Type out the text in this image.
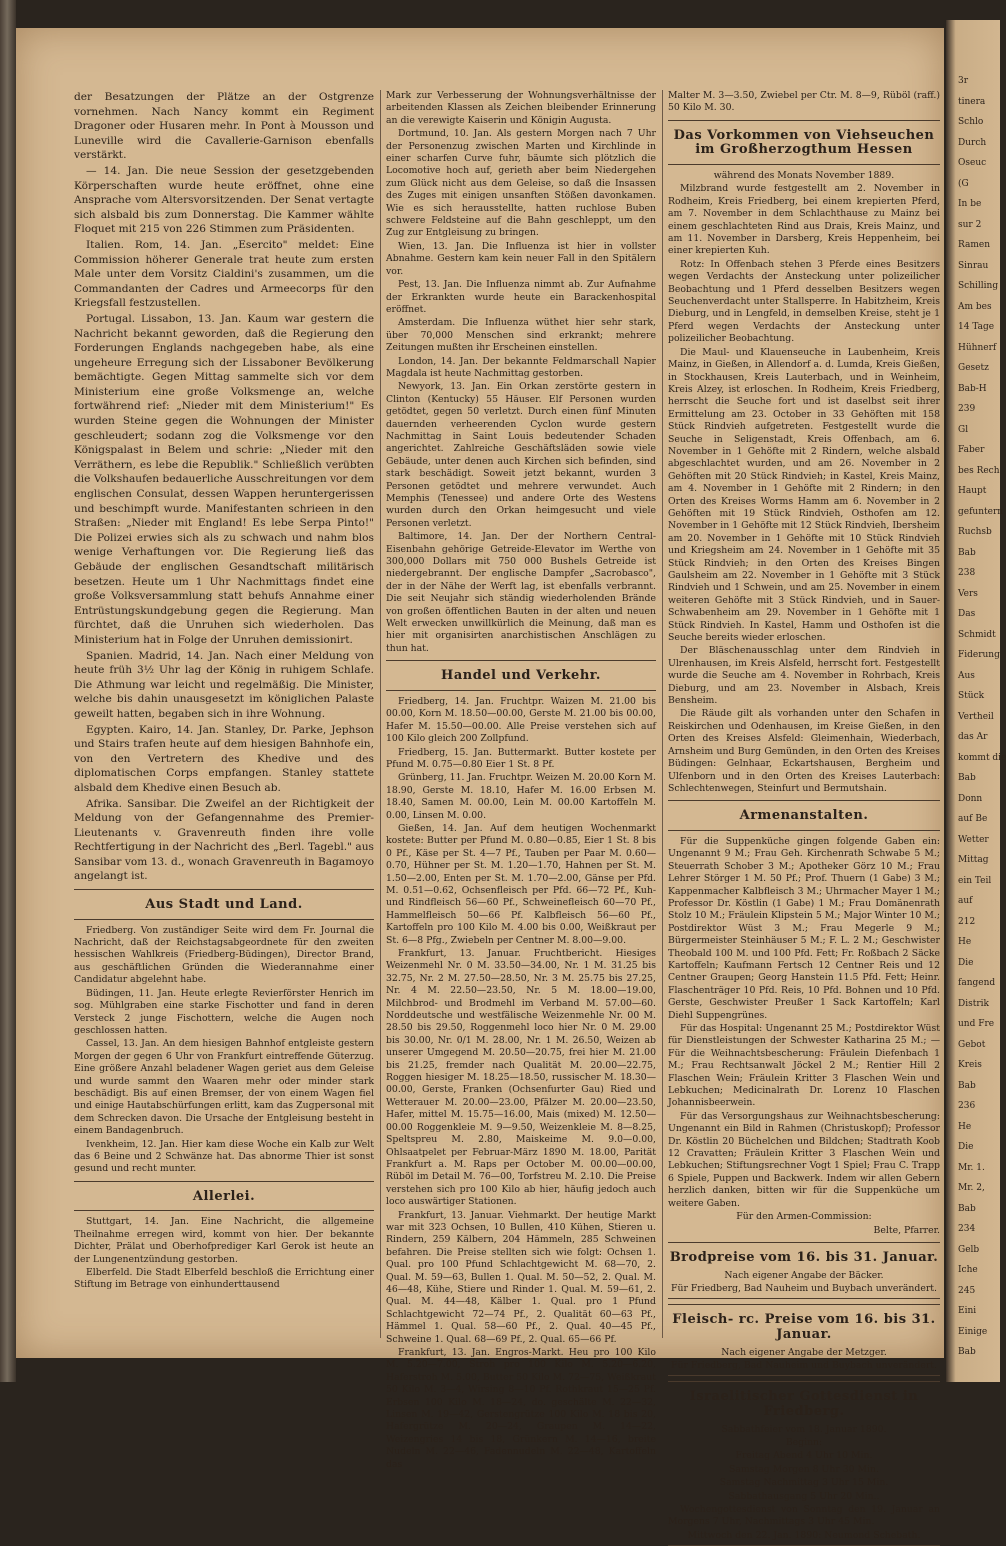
der Besatzungen der Plätze an der Ostgrenze vornehmen. Nach Nancy kommt ein Regiment Dragoner oder Husaren mehr. In Pont à Mousson und Luneville wird die Cavallerie-Garnison ebenfalls verstärkt.

— 14. Jan. Die neue Session der gesetzgebenden Körperschaften wurde heute eröffnet, ohne eine Ansprache vom Altersvorsitzenden. Der Senat vertagte sich alsbald bis zum Donnerstag. Die Kammer wählte Floquet mit 215 von 226 Stimmen zum Präsidenten.

Italien. Rom, 14. Jan. „Esercito" meldet: Eine Commission höherer Generale trat heute zum ersten Male unter dem Vorsitz Cialdini's zusammen, um die Commandanten der Cadres und Armeecorps für den Kriegsfall festzustellen.

Portugal. Lissabon, 13. Jan. Kaum war gestern die Nachricht bekannt geworden, daß die Regierung den Forderungen Englands nachgegeben habe, als eine ungeheure Erregung sich der Lissaboner Bevölkerung bemächtigte. Gegen Mittag sammelte sich vor dem Ministerium eine große Volksmenge an, welche fortwährend rief: „Nieder mit dem Ministerium!" Es wurden Steine gegen die Wohnungen der Minister geschleudert; sodann zog die Volksmenge vor den Königspalast in Belem und schrie: „Nieder mit den Verräthern, es lebe die Republik." Schließlich verübten die Volkshaufen bedauerliche Ausschreitungen vor dem englischen Consulat, dessen Wappen heruntergerissen und beschimpft wurde. Manifestanten schrieen in den Straßen: „Nieder mit England! Es lebe Serpa Pinto!" Die Polizei erwies sich als zu schwach und nahm blos wenige Verhaftungen vor. Die Regierung ließ das Gebäude der englischen Gesandtschaft militärisch besetzen. Heute um 1 Uhr Nachmittags findet eine große Volksversammlung statt behufs Annahme einer Entrüstungskundgebung gegen die Regierung. Man fürchtet, daß die Unruhen sich wiederholen. Das Ministerium hat in Folge der Unruhen demissionirt.

Spanien. Madrid, 14. Jan. Nach einer Meldung von heute früh 3½ Uhr lag der König in ruhigem Schlafe. Die Athmung war leicht und regelmäßig. Die Minister, welche bis dahin unausgesetzt im königlichen Palaste geweilt hatten, begaben sich in ihre Wohnung.

Egypten. Kairo, 14. Jan. Stanley, Dr. Parke, Jephson und Stairs trafen heute auf dem hiesigen Bahnhofe ein, von den Vertretern des Khedive und des diplomatischen Corps empfangen. Stanley stattete alsbald dem Khedive einen Besuch ab.

Afrika. Sansibar. Die Zweifel an der Richtigkeit der Meldung von der Gefangennahme des Premier-Lieutenants v. Gravenreuth finden ihre volle Rechtfertigung in der Nachricht des „Berl. Tagebl." aus Sansibar vom 13. d., wonach Gravenreuth in Bagamoyo angelangt ist.

Aus Stadt und Land.

Friedberg. Von zuständiger Seite wird dem Fr. Journal die Nachricht, daß der Reichstagsabgeordnete für den zweiten hessischen Wahlkreis (Friedberg-Büdingen), Director Brand, aus geschäftlichen Gründen die Wiederannahme einer Candidatur abgelehnt habe.

Büdingen, 11. Jan. Heute erlegte Revierförster Henrich im sog. Mühlgraben eine starke Fischotter und fand in deren Versteck 2 junge Fischottern, welche die Augen noch geschlossen hatten.

Cassel, 13. Jan. An dem hiesigen Bahnhof entgleiste gestern Morgen der gegen 6 Uhr von Frankfurt eintreffende Güterzug. Eine größere Anzahl beladener Wagen geriet aus dem Geleise und wurde sammt den Waaren mehr oder minder stark beschädigt. Bis auf einen Bremser, der von einem Wagen fiel und einige Hautabschürfungen erlitt, kam das Zugpersonal mit dem Schrecken davon. Die Ursache der Entgleisung besteht in einem Bandagenbruch.

Ivenkheim, 12. Jan. Hier kam diese Woche ein Kalb zur Welt das 6 Beine und 2 Schwänze hat. Das abnorme Thier ist sonst gesund und recht munter.

Allerlei.

Stuttgart, 14. Jan. Eine Nachricht, die allgemeine Theilnahme erregen wird, kommt von hier. Der bekannte Dichter, Prälat und Oberhofprediger Karl Gerok ist heute an der Lungenentzündung gestorben.

Elberfeld. Die Stadt Elberfeld beschloß die Errichtung einer Stiftung im Betrage von einhunderttausend

Mark zur Verbesserung der Wohnungsverhältnisse der arbeitenden Klassen als Zeichen bleibender Erinnerung an die verewigte Kaiserin und Königin Augusta.

Dortmund, 10. Jan. Als gestern Morgen nach 7 Uhr der Personenzug zwischen Marten und Kirchlinde in einer scharfen Curve fuhr, bäumte sich plötzlich die Locomotive hoch auf, gerieth aber beim Niedergehen zum Glück nicht aus dem Geleise, so daß die Insassen des Zuges mit einigen unsanften Stößen davonkamen. Wie es sich herausstellte, hatten ruchlose Buben schwere Feldsteine auf die Bahn geschleppt, um den Zug zur Entgleisung zu bringen.

Wien, 13. Jan. Die Influenza ist hier in vollster Abnahme. Gestern kam kein neuer Fall in den Spitälern vor.

Pest, 13. Jan. Die Influenza nimmt ab. Zur Aufnahme der Erkrankten wurde heute ein Barackenhospital eröffnet.

Amsterdam. Die Influenza wüthet hier sehr stark, über 70,000 Menschen sind erkrankt; mehrere Zeitungen mußten ihr Erscheinen einstellen.

London, 14. Jan. Der bekannte Feldmarschall Napier Magdala ist heute Nachmittag gestorben.

Newyork, 13. Jan. Ein Orkan zerstörte gestern in Clinton (Kentucky) 55 Häuser. Elf Personen wurden getödtet, gegen 50 verletzt. Durch einen fünf Minuten dauernden verheerenden Cyclon wurde gestern Nachmittag in Saint Louis bedeutender Schaden angerichtet. Zahlreiche Geschäftsläden sowie viele Gebäude, unter denen auch Kirchen sich befinden, sind stark beschädigt. Soweit jetzt bekannt, wurden 3 Personen getödtet und mehrere verwundet. Auch Memphis (Tenessee) und andere Orte des Westens wurden durch den Orkan heimgesucht und viele Personen verletzt.

Baltimore, 14. Jan. Der der Northern Central-Eisenbahn gehörige Getreide-Elevator im Werthe von 300,000 Dollars mit 750 000 Bushels Getreide ist niedergebrannt. Der englische Dampfer „Sacrobasco", der in der Nähe der Werft lag, ist ebenfalls verbrannt. Die seit Neujahr sich ständig wiederholenden Brände von großen öffentlichen Bauten in der alten und neuen Welt erwecken unwillkürlich die Meinung, daß man es hier mit organisirten anarchistischen Anschlägen zu thun hat.

Handel und Verkehr.

Friedberg, 14. Jan. Fruchtpr. Waizen M. 21.00 bis 00.00, Korn M. 18.50—00.00, Gerste M. 21.00 bis 00.00, Hafer M. 15.50—00.00. Alle Preise verstehen sich auf 100 Kilo gleich 200 Zollpfund.

Friedberg, 15. Jan. Buttermarkt. Butter kostete per Pfund M. 0.75—0.80 Eier 1 St. 8 Pf.

Grünberg, 11. Jan. Fruchtpr. Weizen M. 20.00 Korn M. 18.90, Gerste M. 18.10, Hafer M. 16.00 Erbsen M. 18.40, Samen M. 00.00, Lein M. 00.00 Kartoffeln M. 0.00, Linsen M. 0.00.

Gießen, 14. Jan. Auf dem heutigen Wochenmarkt kostete: Butter per Pfund M. 0.80—0.85, Eier 1 St. 8 bis 0 Pf., Käse per St. 4—7 Pf., Tauben per Paar M. 0.60—0.70, Hühner per St. M. 1.20—1.70, Hahnen per St. M. 1.50—2.00, Enten per St. M. 1.70—2.00, Gänse per Pfd. M. 0.51—0.62, Ochsenfleisch per Pfd. 66—72 Pf., Kuh- und Rindfleisch 56—60 Pf., Schweinefleisch 60—70 Pf., Hammelfleisch 50—66 Pf. Kalbfleisch 56—60 Pf., Kartoffeln pro 100 Kilo M. 4.00 bis 0.00, Weißkraut per St. 6—8 Pfg., Zwiebeln per Centner M. 8.00—9.00.

Frankfurt, 13. Januar. Fruchtbericht. Hiesiges Weizenmehl Nr. 0 M. 33.50—34.00, Nr. 1 M. 31.25 bis 32.75, Nr. 2 M. 27.50—28.50, Nr. 3 M. 25.75 bis 27.25, Nr. 4 M. 22.50—23.50, Nr. 5 M. 18.00—19.00, Milchbrod- und Brodmehl im Verband M. 57.00—60. Norddeutsche und westfälische Weizenmehle Nr. 00 M. 28.50 bis 29.50, Roggenmehl loco hier Nr. 0 M. 29.00 bis 30.00, Nr. 0/1 M. 28.00, Nr. 1 M. 26.50, Weizen ab unserer Umgegend M. 20.50—20.75, frei hier M. 21.00 bis 21.25, fremder nach Qualität M. 20.00—22.75, Roggen hiesiger M. 18.25—18.50, russischer M. 18.30—00.00, Gerste, Franken (Ochsenfurter Gau) Ried und Wetterauer M. 20.00—23.00, Pfälzer M. 20.00—23.50, Hafer, mittel M. 15.75—16.00, Mais (mixed) M. 12.50—00.00 Roggenkleie M. 9—9.50, Weizenkleie M. 8—8.25, Speltspreu M. 2.80, Maiskeime M. 9.0—0.00, Ohlsaatpelet per Februar-März 1890 M. 18.00, Parität Frankfurt a. M. Raps per October M. 00.00—00.00, Rüböl im Detail M. 76—00, Torfstreu M. 2.10. Die Preise verstehen sich pro 100 Kilo ab hier, häufig jedoch auch loco auswärtiger Stationen.

Frankfurt, 13. Januar. Viehmarkt. Der heutige Markt war mit 323 Ochsen, 10 Bullen, 410 Kühen, Stieren u. Rindern, 259 Kälbern, 204 Hämmeln, 285 Schweinen befahren. Die Preise stellten sich wie folgt: Ochsen 1. Qual. pro 100 Pfund Schlachtgewicht M. 68—70, 2. Qual. M. 59—63, Bullen 1. Qual. M. 50—52, 2. Qual. M. 46—48, Kühe, Stiere und Rinder 1. Qual. M. 59—61, 2. Qual. M. 44—48, Kälber 1. Qual. pro 1 Pfund Schlachtgewicht 72—74 Pf., 2. Qualität 60—63 Pf., Hämmel 1. Qual. 58—60 Pf., 2. Qual. 40—45 Pf., Schweine 1. Qual. 68—69 Pf., 2. Qual. 65—66 Pf.

Frankfurt, 13. Jan. Engros-Markt. Heu pro 100 Kilo M. 5.20—7.00, Stroh pro 100 Kilo M. 5.20—6.20, Haferstroh M. 5.00, Butter 50 Kilo M. 72—75, Weißkraut 50 Kilo M. 3—4, Wirsing 8—10 Pf. Rothkraut 15—25 Pf. Erbsen 100 Kilo M. 18—24, do. geschälte M. 22—32, Linsen M. 19—42, Gerstengrütze 100 Kilo M. 18 bis 20, Hafergrütze M. 20—24, Graupen M. 14—22, Weizengries 14 bis 18, Grünkern M. 14—16, breite Nudeln M. 22—46, Fadennudeln M. 22—48, Kartoffeln das

Malter M. 3—3.50, Zwiebel per Ctr. M. 8—9, Rüböl (raff.) 50 Kilo M. 30.

Das Vorkommen von Viehseuchen im Großherzogthum Hessen

während des Monats November 1889.

Milzbrand wurde festgestellt am 2. November in Rodheim, Kreis Friedberg, bei einem krepierten Pferd, am 7. November in dem Schlachthause zu Mainz bei einem geschlachteten Rind aus Drais, Kreis Mainz, und am 11. November in Darsberg, Kreis Heppenheim, bei einer krepierten Kuh.

Rotz: In Offenbach stehen 3 Pferde eines Besitzers wegen Verdachts der Ansteckung unter polizeilicher Beobachtung und 1 Pferd desselben Besitzers wegen Seuchenverdacht unter Stallsperre. In Habitzheim, Kreis Dieburg, und in Lengfeld, in demselben Kreise, steht je 1 Pferd wegen Verdachts der Ansteckung unter polizeilicher Beobachtung.

Die Maul- und Klauenseuche in Laubenheim, Kreis Mainz, in Gießen, in Allendorf a. d. Lumda, Kreis Gießen, in Stockhausen, Kreis Lauterbach, und in Weinheim, Kreis Alzey, ist erloschen. In Rodheim, Kreis Friedberg, herrscht die Seuche fort und ist daselbst seit ihrer Ermittelung am 23. October in 33 Gehöften mit 158 Stück Rindvieh aufgetreten. Festgestellt wurde die Seuche in Seligenstadt, Kreis Offenbach, am 6. November in 1 Gehöfte mit 2 Rindern, welche alsbald abgeschlachtet wurden, und am 26. November in 2 Gehöften mit 20 Stück Rindvieh; in Kastel, Kreis Mainz, am 4. November in 1 Gehöfte mit 2 Rindern; in den Orten des Kreises Worms Hamm am 6. November in 2 Gehöften mit 19 Stück Rindvieh, Osthofen am 12. November in 1 Gehöfte mit 12 Stück Rindvieh, Ibersheim am 20. November in 1 Gehöfte mit 10 Stück Rindvieh und Kriegsheim am 24. November in 1 Gehöfte mit 35 Stück Rindvieh; in den Orten des Kreises Bingen Gaulsheim am 22. November in 1 Gehöfte mit 3 Stück Rindvieh und 1 Schwein, und am 25. November in einem weiteren Gehöfte mit 3 Stück Rindvieh, und in Sauer-Schwabenheim am 29. November in 1 Gehöfte mit 1 Stück Rindvieh. In Kastel, Hamm und Osthofen ist die Seuche bereits wieder erloschen.

Der Bläschenausschlag unter dem Rindvieh in Ulrenhausen, im Kreis Alsfeld, herrscht fort. Festgestellt wurde die Seuche am 4. November in Rohrbach, Kreis Dieburg, und am 23. November in Alsbach, Kreis Bensheim.

Die Räude gilt als vorhanden unter den Schafen in Reiskirchen und Odenhausen, im Kreise Gießen, in den Orten des Kreises Alsfeld: Gleimenhain, Wiederbach, Arnsheim und Burg Gemünden, in den Orten des Kreises Büdingen: Gelnhaar, Eckartshausen, Bergheim und Ulfenborn und in den Orten des Kreises Lauterbach: Schlechtenwegen, Steinfurt und Bermutshain.

Armenanstalten.

Für die Suppenküche gingen folgende Gaben ein: Ungenannt 9 M.; Frau Geh. Kirchenrath Schwabe 5 M.; Steuerrath Schober 3 M.; Apotheker Görz 10 M.; Frau Lehrer Störger 1 M. 50 Pf.; Prof. Thuern (1 Gabe) 3 M.; Kappenmacher Kalbfleisch 3 M.; Uhrmacher Mayer 1 M.; Professor Dr. Köstlin (1 Gabe) 1 M.; Frau Domänenrath Stolz 10 M.; Fräulein Klipstein 5 M.; Major Winter 10 M.; Postdirektor Wüst 3 M.; Frau Megerle 9 M.; Bürgermeister Steinhäuser 5 M.; F. L. 2 M.; Geschwister Theobald 100 M. und 100 Pfd. Fett; Fr. Roßbach 2 Säcke Kartoffeln; Kaufmann Fertsch 12 Centner Reis und 12 Centner Graupen; Georg Hanstein 11.5 Pfd. Fett; Heinr. Flaschenträger 10 Pfd. Reis, 10 Pfd. Bohnen und 10 Pfd. Gerste, Geschwister Preußer 1 Sack Kartoffeln; Karl Diehl Suppengrünes.

Für das Hospital: Ungenannt 25 M.; Postdirektor Wüst für Dienstleistungen der Schwester Katharina 25 M.; — Für die Weihnachtsbescherung: Fräulein Diefenbach 1 M.; Frau Rechtsanwalt Jöckel 2 M.; Rentier Hill 2 Flaschen Wein; Fräulein Kritter 3 Flaschen Wein und Lebkuchen; Medicinalrath Dr. Lorenz 10 Flaschen Johannisbeerwein.

Für das Versorgungshaus zur Weihnachtsbescherung: Ungenannt ein Bild in Rahmen (Christuskopf); Professor Dr. Köstlin 20 Büchelchen und Bildchen; Stadtrath Koob 12 Cravatten; Fräulein Kritter 3 Flaschen Wein und Lebkuchen; Stiftungsrechner Vogt 1 Spiel; Frau C. Trapp 6 Spiele, Puppen und Backwerk. Indem wir allen Gebern herzlich danken, bitten wir für die Suppenküche um weitere Gaben.

Für den Armen-Commission:

Belte, Pfarrer.

Brodpreise vom 16. bis 31. Januar.

Nach eigener Angabe der Bäcker.

Für Friedberg, Bad Nauheim und Buybach unverändert.

Fleisch- rc. Preise vom 16. bis 31. Januar.

Nach eigener Angabe der Metzger.

Für Friedberg, Bad Nauheim und Buybach unverändert.

Israelitischer Gottesdienst in Friedberg.

Sabbathfeier vom 18. Januar 1890.

Beginn:

Freitag Abend 4 Uhr 10 Min.

Samstag Morgen 8 Uhr 30 Min.

Samstag Nachmittag 3 Uhr 15 Min.

Sabbathausgang 5 Uhr 20 Min..

Wochengottesdienst von Sonntag den 19. Januar an Morgens 7 Uhr, Nachmittags 3 Uhr 45 Min.

Mittwoch den 22. Jan. 1890: Neumond Schebath.

3r
tinera
Schlo
Durch
Oseuc
(G
In be
sur 2
Ramen
Sinrau
Schilling
Am bes
14 Tage
Hühnerf
Gesetz
Bab-H
239
Gl
Faber
bes Rech
Haupt
gefuntern
Ruchsb
Bab
238
Vers
Das
Schmidt
Fiderung
Aus
Stück
Vertheil
das Ar
kommt die
Bab
Donn
auf Be
Wetter
Mittag
ein Teil
auf
212
He
Die
fangend
Distrik
und Fre
Gebot
Kreis
Bab
236
He
Die
Mr. 1.
Mr. 2,
Bab
234
Gelb
Iche
245
Eini
Einige
Bab
